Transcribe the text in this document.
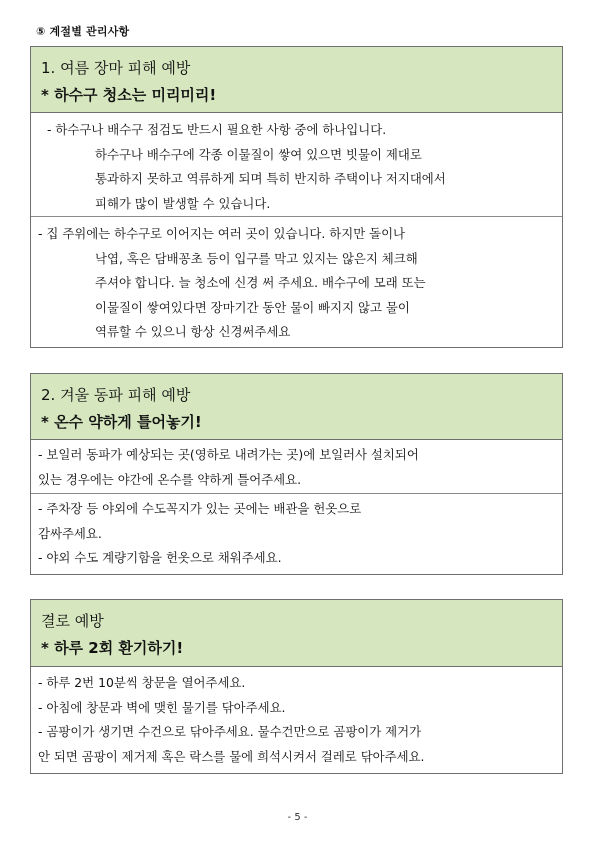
⑤ 계절별 관리사항
1. 여름 장마 피해 예방
* 하수구 청소는 미리미리!
- 하수구나 배수구 점검도 반드시 필요한 사항 중에 하나입니다.
하수구나 배수구에 각종 이물질이 쌓여 있으면 빗물이 제대로
통과하지 못하고 역류하게 되며 특히 반지하 주택이나 저지대에서
피해가 많이 발생할 수 있습니다.
- 집 주위에는 하수구로 이어지는 여러 곳이 있습니다. 하지만 돌이나
낙엽, 혹은 담배꽁초 등이 입구를 막고 있지는 않은지 체크해
주셔야 합니다. 늘 청소에 신경 써 주세요. 배수구에 모래 또는
이물질이 쌓여있다면 장마기간 동안 물이 빠지지 않고 물이
역류할 수 있으니 항상 신경써주세요
2. 겨울 동파 피해 예방
* 온수 약하게 틀어놓기!
- 보일러 동파가 예상되는 곳(영하로 내려가는 곳)에 보일러사 설치되어
있는 경우에는 야간에 온수를 약하게 틀어주세요.
- 주차장 등 야외에 수도꼭지가 있는 곳에는 배관을 헌옷으로
감싸주세요.
- 야외 수도 계량기함을 헌옷으로 채워주세요.
결로 예방
* 하루 2회 환기하기!
- 하루 2번 10분씩 창문을 열어주세요.
- 아침에 창문과 벽에 맺힌 물기를 닦아주세요.
- 곰팡이가 생기면 수건으로 닦아주세요. 물수건만으로 곰팡이가 제거가
안 되면 곰팡이 제거제 혹은 락스를 물에 희석시켜서 걸레로 닦아주세요.
- 5 -
